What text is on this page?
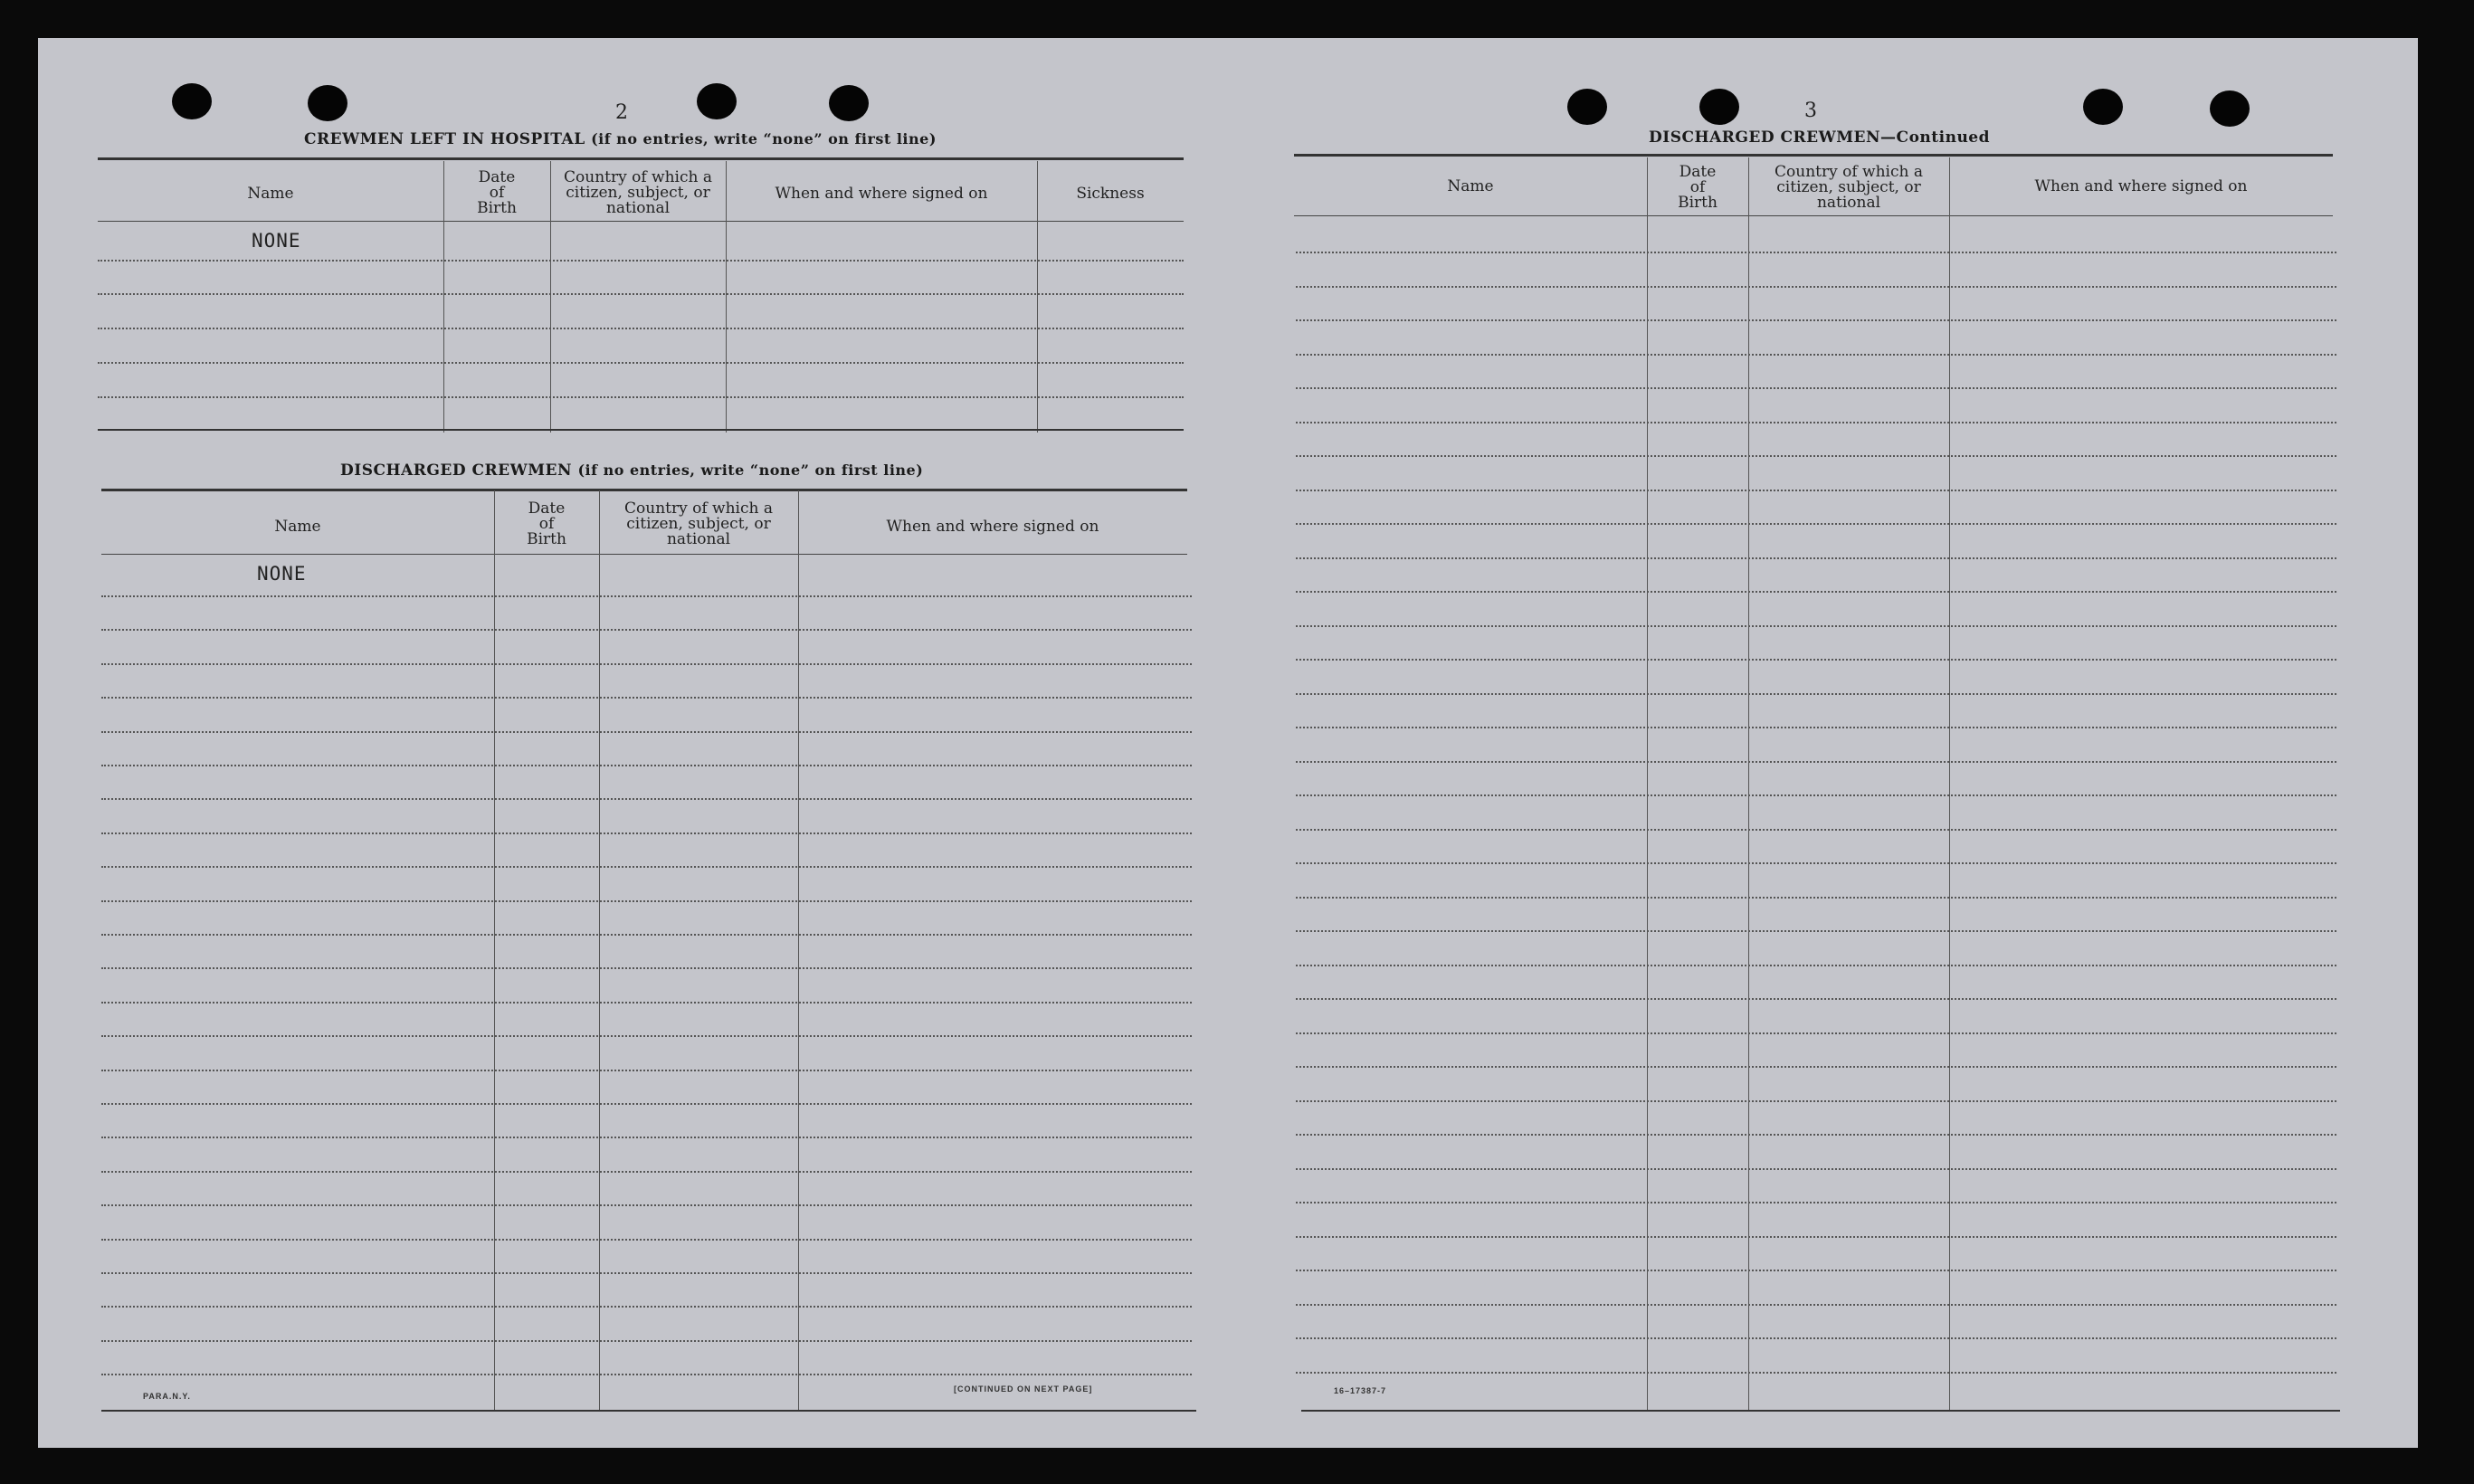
2
CREWMEN LEFT IN HOSPITAL (if no entries, write “none” on first line)
Name
Date of Birth
Country of which a citizen, subject, or national
When and where signed on	Sickness
NONE
DISCHARGED CREWMEN (if no entries, write “none” on first line)
Name
Date of Birth
Country of which a citizen, subject, or national
When and where signed on
NONE
PARA.N.Y.
[CONTINUED ON NEXT PAGE]
3
DISCHARGED CREWMEN—Continued
Name
Date of Birth
Country of which a citizen, subject, or national
When and where signed on
16–17387-7
